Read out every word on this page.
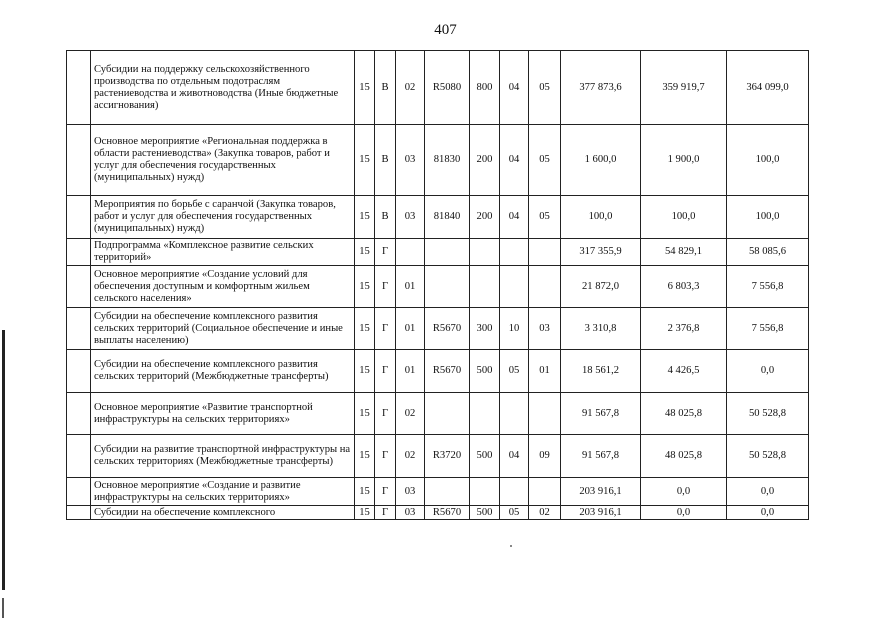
407
	Субсидии на поддержку сельскохозяйственного производства по отдельным подотраслям растениеводства и животноводства (Иные бюджетные ассигнования)	15	В	02	R5080	800	04	05	377 873,6	359 919,7	364 099,0
	Основное мероприятие «Региональная поддержка в области растениеводства» (Закупка товаров, работ и услуг для обеспечения государственных (муниципальных) нужд)	15	В	03	81830	200	04	05	1 600,0	1 900,0	100,0
	Мероприятия по борьбе с саранчой (Закупка товаров, работ и услуг для обеспечения государственных (муниципальных) нужд)	15	В	03	81840	200	04	05	100,0	100,0	100,0
	Подпрограмма «Комплексное развитие сельских территорий»	15	Г						317 355,9	54 829,1	58 085,6
	Основное мероприятие «Создание условий для обеспечения доступным и комфортным жильем сельского населения»	15	Г	01					21 872,0	6 803,3	7 556,8
	Субсидии на обеспечение комплексного развития сельских территорий (Социальное обеспечение и иные выплаты населению)	15	Г	01	R5670	300	10	03	3 310,8	2 376,8	7 556,8
	Субсидии на обеспечение комплексного развития сельских территорий (Межбюджетные трансферты)	15	Г	01	R5670	500	05	01	18 561,2	4 426,5	0,0
	Основное мероприятие «Развитие транспортной инфраструктуры на сельских территориях»	15	Г	02					91 567,8	48 025,8	50 528,8
	Субсидии на развитие транспортной инфраструктуры на сельских территориях (Межбюджетные трансферты)	15	Г	02	R3720	500	04	09	91 567,8	48 025,8	50 528,8
	Основное мероприятие «Создание и развитие инфраструктуры на сельских территориях»	15	Г	03					203 916,1	0,0	0,0
	Субсидии на обеспечение комплексного	15	Г	03	R5670	500	05	02	203 916,1	0,0	0,0
